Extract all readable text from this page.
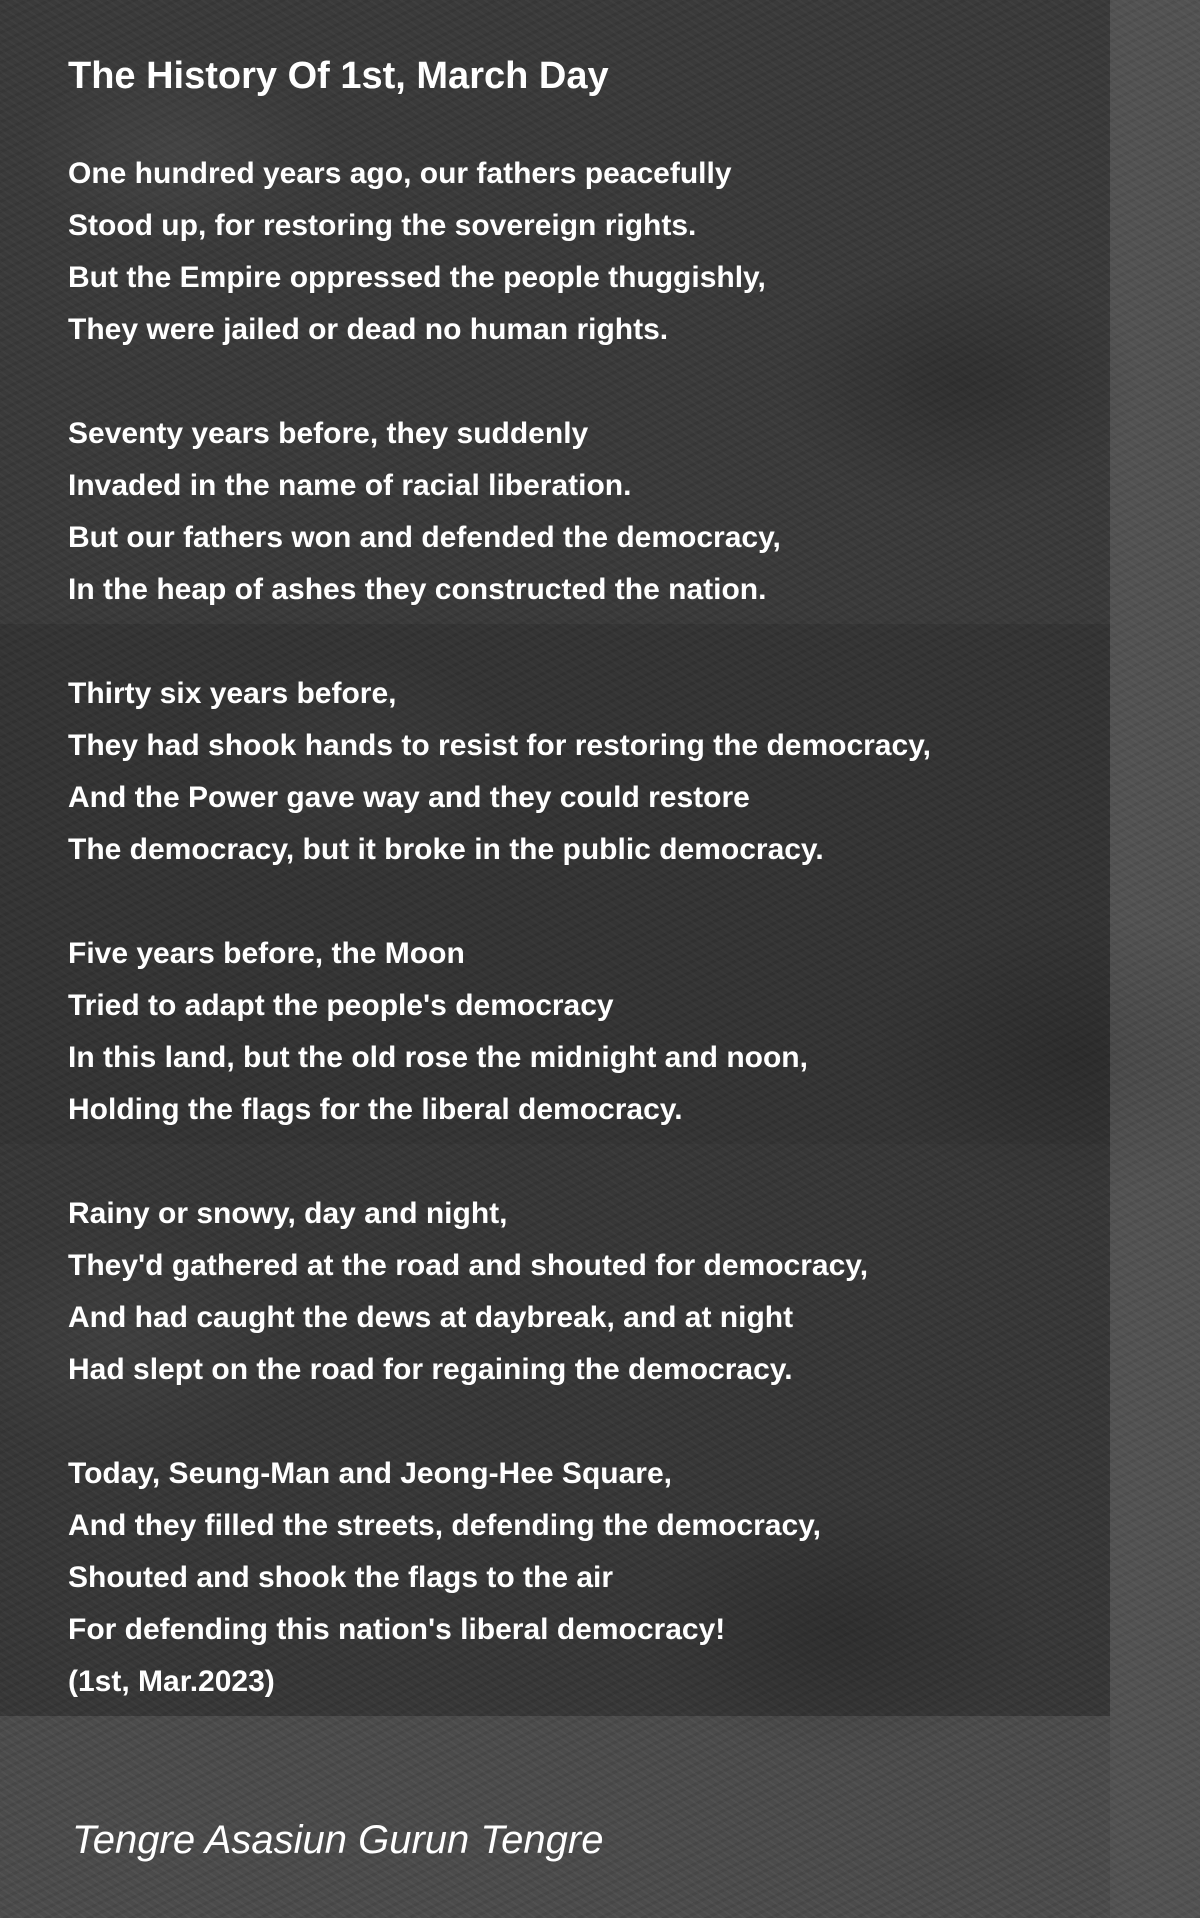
The History Of 1st, March Day
One hundred years ago, our fathers peacefully
Stood up, for restoring the sovereign rights.
But the Empire oppressed the people thuggishly,
They were jailed or dead no human rights.
Seventy years before, they suddenly
Invaded in the name of racial liberation.
But our fathers won and defended the democracy,
In the heap of ashes they constructed the nation.
Thirty six years before,
They had shook hands to resist for restoring the democracy,
And the Power gave way and they could restore
The democracy, but it broke in the public democracy.
Five years before, the Moon
Tried to adapt the people's democracy
In this land, but the old rose the midnight and noon,
Holding the flags for the liberal democracy.
Rainy or snowy, day and night,
They'd gathered at the road and shouted for democracy,
And had caught the dews at daybreak, and at night
Had slept on the road for regaining the democracy.
Today, Seung-Man and Jeong-Hee Square,
And they filled the streets, defending the democracy,
Shouted and shook the flags to the air
For defending this nation's liberal democracy!
(1st, Mar.2023)

Tengre Asasiun Gurun Tengre
